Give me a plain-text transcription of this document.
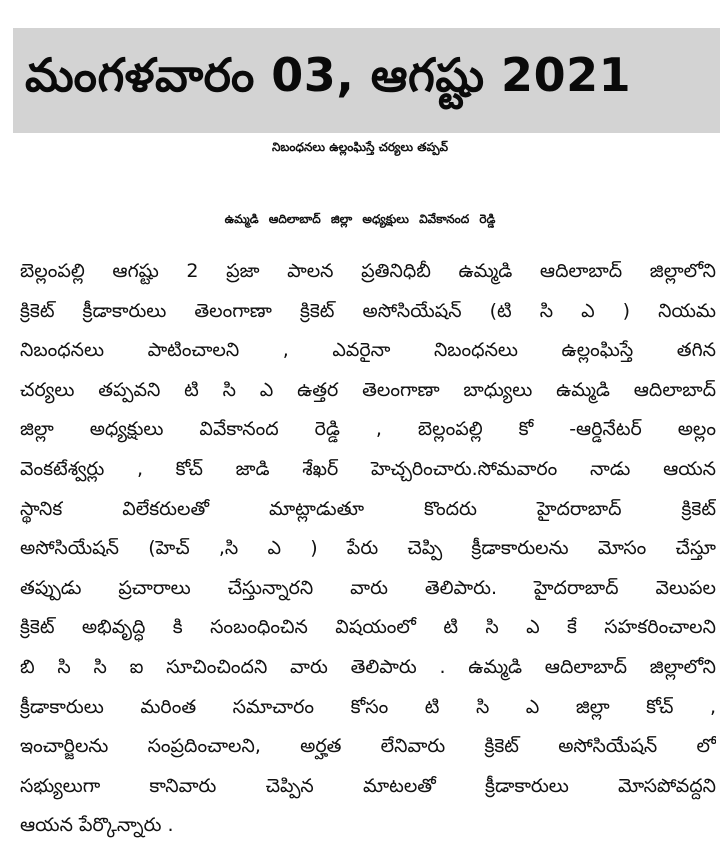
మంగళవారం 03, ఆగష్టు 2021
నిబంధనలు ఉల్లంఘిస్తే చర్యలు తప్పవ్
ఉమ్మడి ఆదిలాబాద్ జిల్లా అధ్యక్షులు వివేకానంద రెడ్డి
బెల్లంపల్లి ఆగష్టు 2 ప్రజా పాలన ప్రతినిధిబీ ఉమ్మడి ఆదిలాబాద్ జిల్లాలోని
క్రికెట్ క్రీడాకారులు తెలంగాణా క్రికెట్ అసోసియేషన్ (టి సి ఎ ) నియమ
నిబంధనలు పాటించాలని , ఎవరైనా నిబంధనలు ఉల్లంఘిస్తే తగిన
చర్యలు తప్పవని టి సి ఎ ఉత్తర తెలంగాణా బాధ్యులు ఉమ్మడి ఆదిలాబాద్
జిల్లా అధ్యక్షులు వివేకానంద రెడ్డి , బెల్లంపల్లి కో -ఆర్డినేటర్ అల్లం
వెంకటేశ్వర్లు , కోచ్ జాడి శేఖర్ హెచ్చరించారు.సోమవారం నాడు ఆయన
స్థానిక విలేకరులతో మాట్లాడుతూ కొందరు హైదరాబాద్ క్రికెట్
అసోసియేషన్ (హెచ్ ,సి ఎ ) పేరు చెప్పి క్రీడాకారులను మోసం చేస్తూ
తప్పుడు ప్రచారాలు చేస్తున్నారని వారు తెలిపారు. హైదరాబాద్ వెలుపల
క్రికెట్ అభివృద్ధి కి సంబంధించిన విషయంలో టి సి ఎ కే సహకరించాలని
బి సి సి ఐ సూచించిందని వారు తెలిపారు . ఉమ్మడి ఆదిలాబాద్ జిల్లాలోని
క్రీడాకారులు మరింత సమాచారం కోసం టి సి ఎ జిల్లా కోచ్ ,
ఇంచార్జిలను సంప్రదించాలని, అర్హత లేనివారు క్రికెట్ అసోసియేషన్ లో
సభ్యులుగా కానివారు చెప్పిన మాటలతో క్రీడాకారులు మోసపోవద్దని
ఆయన పేర్కొన్నారు .
